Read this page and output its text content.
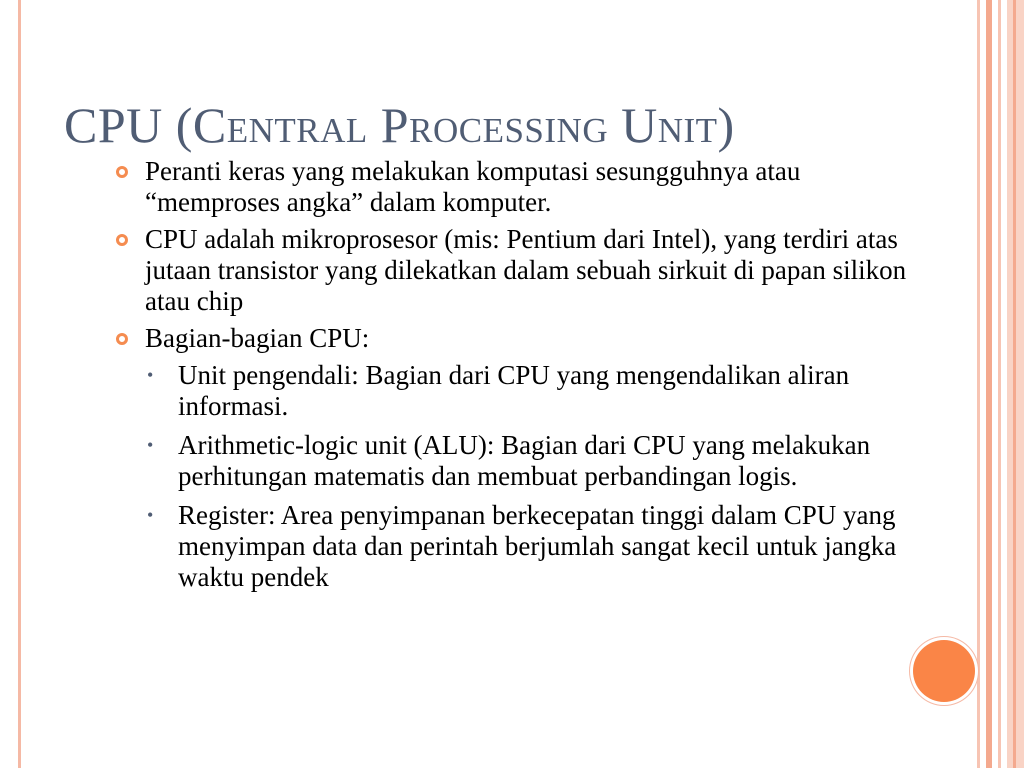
CPU (Central Processing Unit)
Peranti keras yang melakukan komputasi sesungguhnya atau “memproses angka” dalam komputer.
CPU adalah mikroprosesor (mis: Pentium dari Intel), yang terdiri atas jutaan transistor yang dilekatkan dalam sebuah sirkuit di papan silikon atau chip
Bagian-bagian CPU:
• Unit pengendali: Bagian dari CPU yang mengendalikan aliran informasi.
• Arithmetic-logic unit (ALU): Bagian dari CPU yang melakukan perhitungan matematis dan membuat perbandingan logis.
• Register: Area penyimpanan berkecepatan tinggi dalam CPU yang menyimpan data dan perintah berjumlah sangat kecil untuk jangka waktu pendek
